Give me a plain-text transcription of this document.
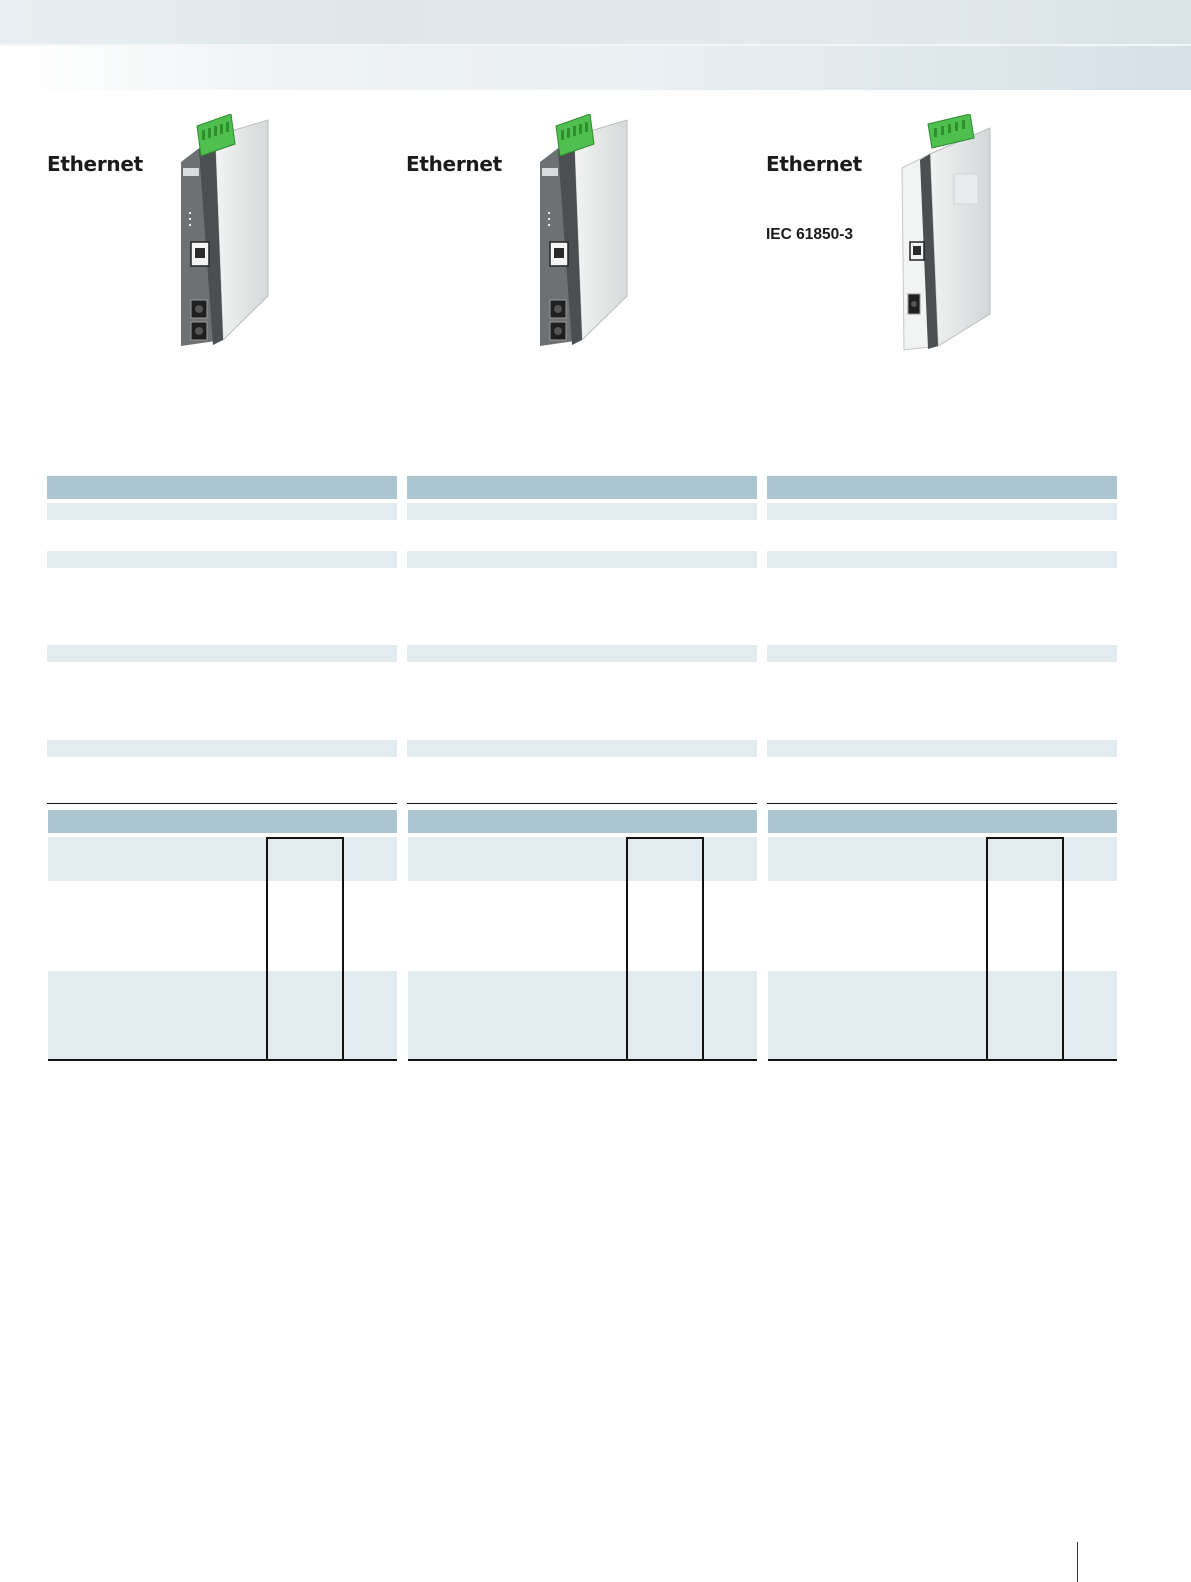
Ethernet	Ethernet	Ethernet

IEC 61850-3
